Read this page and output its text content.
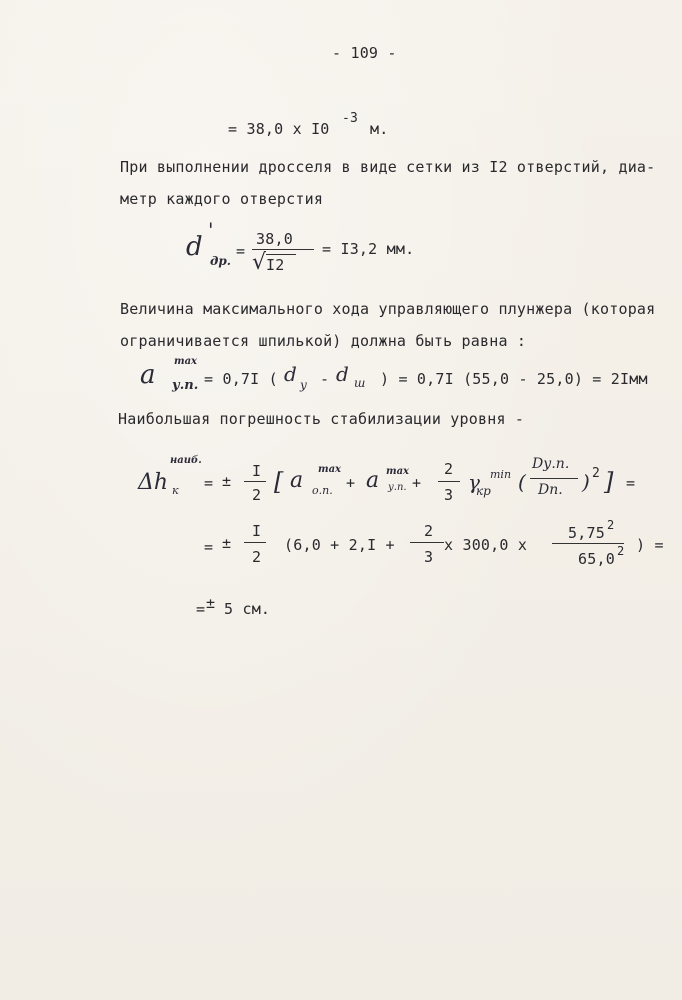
- 109 -
= 38,0 x I0
-3
м.
При выполнении дросселя в виде сетки из I2 отверстий, диа-
метр каждого отверстия
d
'
др.
=
38,0
√ I2
= I3,2 мм.
Величина максимального хода управляющего плунжера (которая
ограничивается шпилькой) должна быть равна :
a max
у.п. = 0,7I ( d у - d ш ) = 0,7I (55,0 - 25,0) = 2Iмм
Наибольшая погрешность стабилизации уровня -
Δh к
наиб.
= ±
I
2 [ a max
о.п. + a max
у.п. +
2
3
γ min
кр (
Dу.п.
Dп. ) 2 ] =
= ±
I
2
(6,0 + 2,I +
2
3
x 300,0 x
5,75 2
65,0 2 ) =
= ± 5 см.
